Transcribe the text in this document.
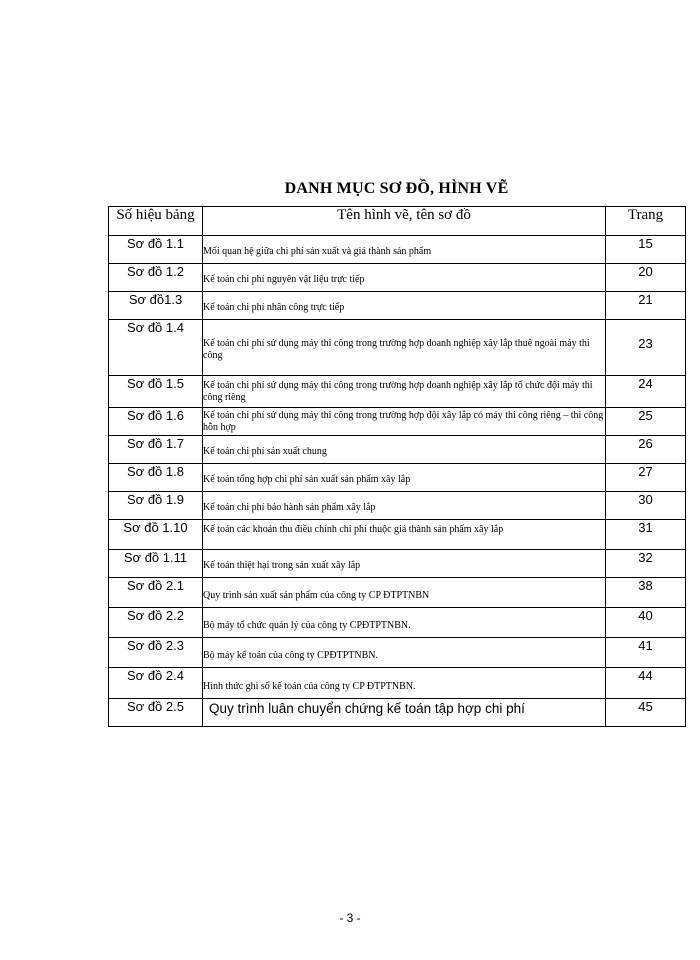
DANH MỤC SƠ ĐỒ, HÌNH VẼ
Số hiệu bảng	Tên hình vẽ, tên sơ đồ	Trang
Sơ đồ 1.1	Mối quan hệ giữa chi phí sản xuất và giá thành sản phẩm	15
Sơ đồ 1.2	Kế toán chi phí nguyên vật liệu trực tiếp	20
Sơ đồ1.3	Kế toán chi phí nhân công trực tiếp	21
Sơ đồ 1.4	Kế toán chi phí sử dụng máy thi công trong trường hợp doanh nghiệp xây lắp thuê ngoài máy thi công	23
Sơ đồ 1.5	Kế toán chi phí sử dụng máy thi công trong trường hợp doanh nghiệp xây lắp tổ chức đội máy thi công riêng	24
Sơ đồ 1.6	Kế toán chi phí sử dụng máy thi công trong trường hợp đội xây lắp có máy thi công riêng – thi công hỗn hợp	25
Sơ đồ 1.7	Kế toán chi phí sản xuất chung	26
Sơ đồ 1.8	Kế toán tổng hợp chi phí sản xuất sản phẩm xây lắp	27
Sơ đồ 1.9	Kế toán chi phí bảo hành sản phẩm xây lắp	30
Sơ đồ 1.10	Kế toán các khoản thu điều chỉnh chi phí thuộc giá thành sản phẩm xây lắp	31
Sơ đồ 1.11	Kế toán thiệt hại trong sản xuất xây lắp	32
Sơ đồ 2.1	Quy trình sản xuất sản phẩm của công ty CP ĐTPTNBN	38
Sơ đồ 2.2	Bộ máy tổ chức quản lý của công ty CPĐTPTNBN.	40
Sơ đồ 2.3	Bộ máy kế toán của công ty CPĐTPTNBN.	41
Sơ đồ 2.4	Hình thức ghi sổ kế toán của công ty CP ĐTPTNBN.	44
Sơ đồ 2.5	Quy trình luân chuyển chứng kế toán tập hợp chi phí	45
- 3 -
